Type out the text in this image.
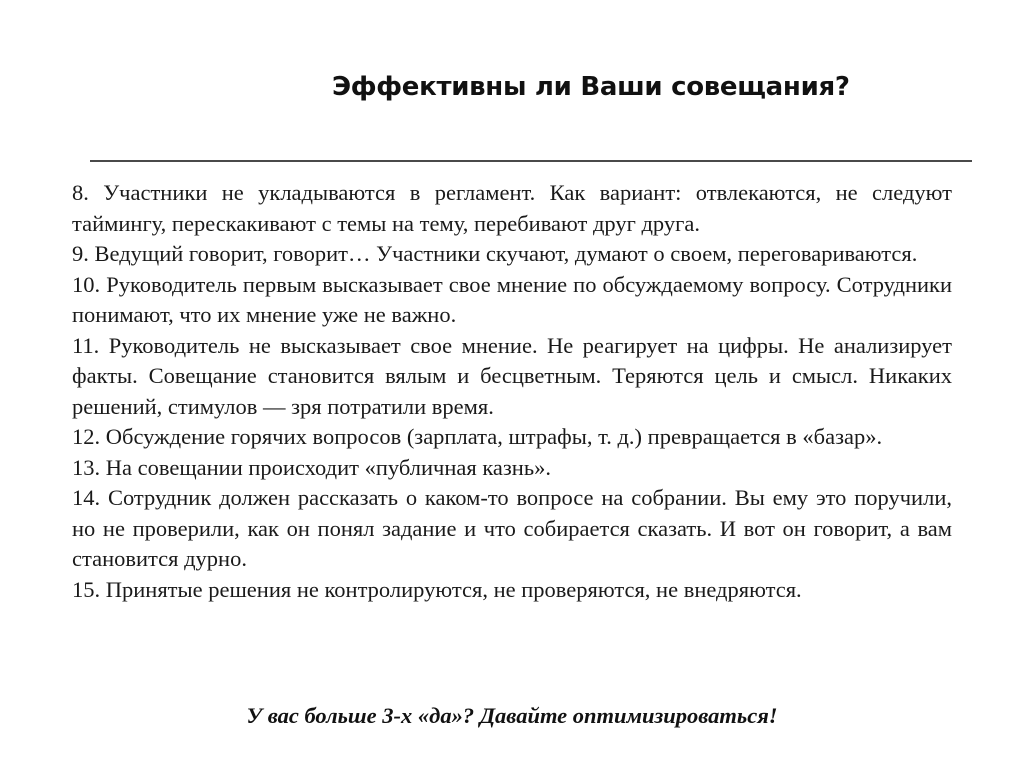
Эффективны ли Ваши совещания?

8. Участники не укладываются в регламент. Как вариант: отвлекаются, не следуют таймингу, перескакивают с темы на тему, перебивают друг друга.

9. Ведущий говорит, говорит… Участники скучают, думают о своем, переговариваются.

10. Руководитель первым высказывает свое мнение по обсуждаемому вопросу. Сотрудники понимают, что их мнение уже не важно.

11. Руководитель не высказывает свое мнение. Не реагирует на цифры. Не анализирует факты. Совещание становится вялым и бесцветным. Теряются цель и смысл. Никаких решений, стимулов — зря потратили время.

12. Обсуждение горячих вопросов (зарплата, штрафы, т. д.) превращается в «базар».

13. На совещании происходит «публичная казнь».

14. Сотрудник должен рассказать о каком-то вопросе на собрании. Вы ему это поручили, но не проверили, как он понял задание и что собирается сказать. И вот он говорит, а вам становится дурно.

15. Принятые решения не контролируются, не проверяются, не внедряются.

У вас больше 3-х «да»? Давайте оптимизироваться!
